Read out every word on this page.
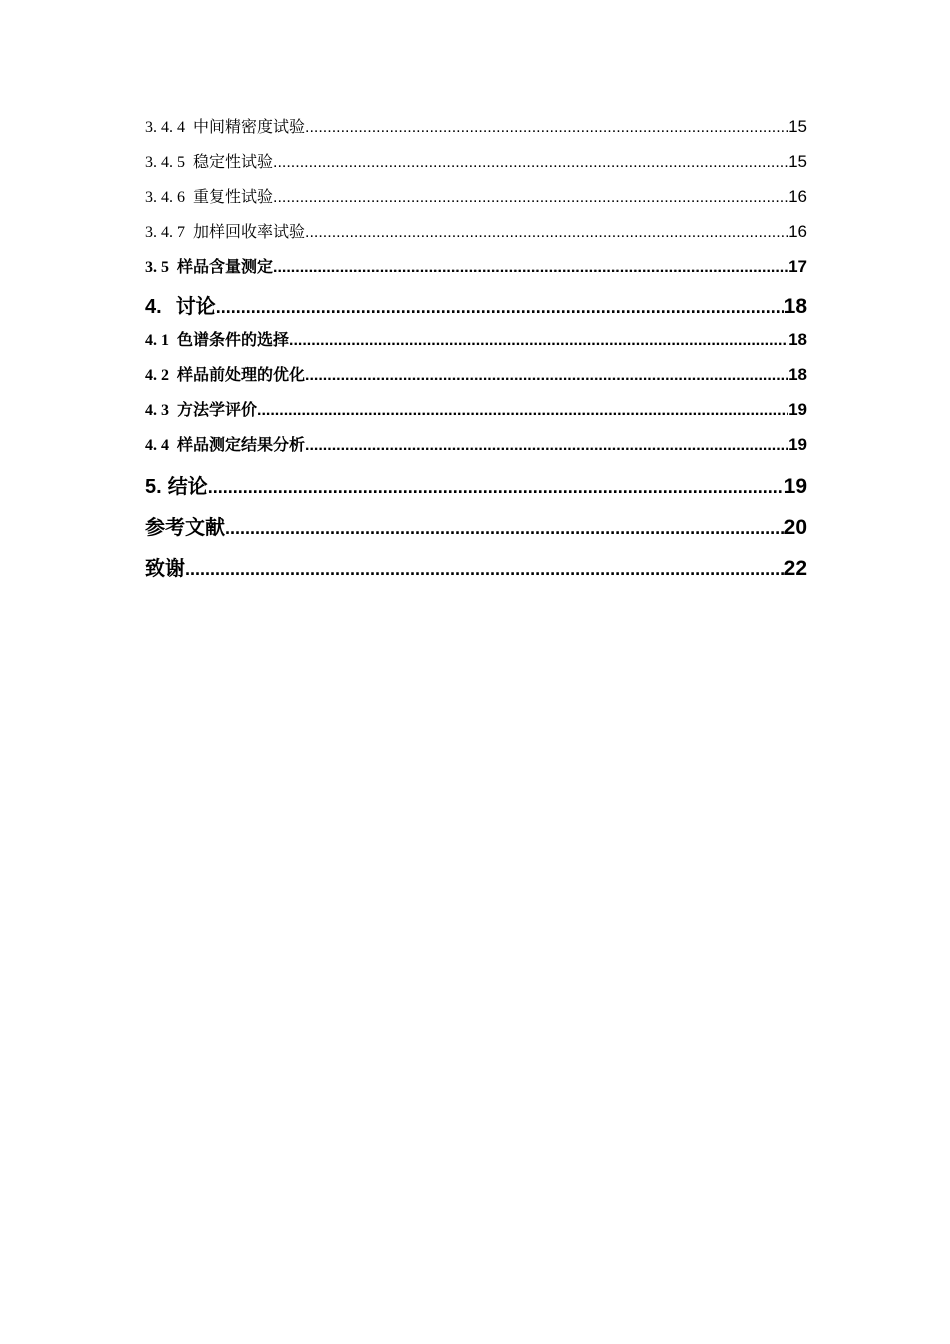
3. 4. 4 中间精密度试验 .....	15
3. 4. 5 稳定性试验 .....	15
3. 4. 6 重复性试验 .....	16
3. 4. 7 加样回收率试验 .....	16
3. 5 样品含量测定 .....	17
4. 讨论 .....	18
4. 1 色谱条件的选择 .....	18
4. 2 样品前处理的优化 .....	18
4. 3 方法学评价 .....	19
4. 4 样品测定结果分析 .....	19
5. 结论 .....	19
参考文献 .....	20
致谢 .....	22
